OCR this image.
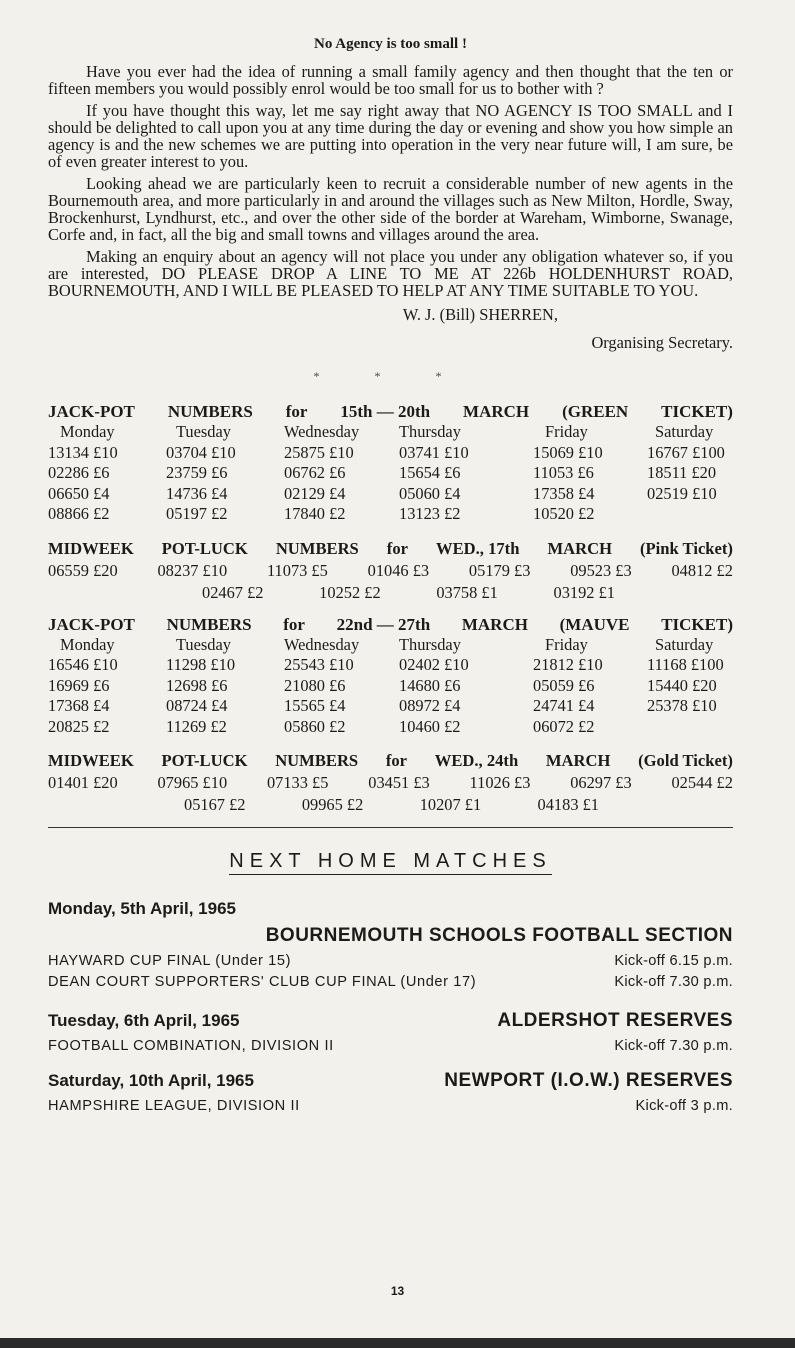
No Agency is too small !

Have you ever had the idea of running a small family agency and then thought that the ten or fifteen members you would possibly enrol would be too small for us to bother with ?

If you have thought this way, let me say right away that NO AGENCY IS TOO SMALL and I should be delighted to call upon you at any time during the day or evening and show you how simple an agency is and the new schemes we are putting into operation in the very near future will, I am sure, be of even greater interest to you.

Looking ahead we are particularly keen to recruit a considerable number of new agents in the Bournemouth area, and more particularly in and around the villages such as New Milton, Hordle, Sway, Brockenhurst, Lyndhurst, etc., and over the other side of the border at Wareham, Wimborne, Swanage, Corfe and, in fact, all the big and small towns and villages around the area.

Making an enquiry about an agency will not place you under any obligation whatever so, if you are interested, DO PLEASE DROP A LINE TO ME AT 226b HOLDENHURST ROAD, BOURNEMOUTH, AND I WILL BE PLEASED TO HELP AT ANY TIME SUITABLE TO YOU.

W. J. (Bill) SHERREN,
Organising Secretary.
* * *
JACK-POT NUMBERS for 15th — 20th MARCH (GREEN TICKET)
Monday	Tuesday	Wednesday	Thursday	Friday	Saturday
13134 £10	03704 £10	25875 £10	03741 £10	15069 £10	16767 £100
02286 £6	23759 £6	06762 £6	15654 £6	11053 £6	18511 £20
06650 £4	14736 £4	02129 £4	05060 £4	17358 £4	02519 £10
08866 £2	05197 £2	17840 £2	13123 £2	10520 £2
MIDWEEK POT-LUCK NUMBERS for WED., 17th MARCH (Pink Ticket)
06559 £20 08237 £10 11073 £5 01046 £3 05179 £3 09523 £3 04812 £2
02467 £2	10252 £2	03758 £1	03192 £1
JACK-POT NUMBERS for 22nd — 27th MARCH (MAUVE TICKET)
Monday	Tuesday	Wednesday	Thursday	Friday	Saturday
16546 £10	11298 £10	25543 £10	02402 £10	21812 £10	11168 £100
16969 £6	12698 £6	21080 £6	14680 £6	05059 £6	15440 £20
17368 £4	08724 £4	15565 £4	08972 £4	24741 £4	25378 £10
20825 £2	11269 £2	05860 £2	10460 £2	06072 £2
MIDWEEK POT-LUCK NUMBERS for WED., 24th MARCH (Gold Ticket)
01401 £20 07965 £10 07133 £5 03451 £3 11026 £3 06297 £3 02544 £2
05167 £2	09965 £2	10207 £1	04183 £1
NEXT HOME MATCHES
Monday, 5th April, 1965
BOURNEMOUTH SCHOOLS FOOTBALL SECTION
HAYWARD CUP FINAL (Under 15)	Kick-off 6.15 p.m.
DEAN COURT SUPPORTERS' CLUB CUP FINAL (Under 17)	Kick-off 7.30 p.m.
Tuesday, 6th April, 1965	ALDERSHOT RESERVES
FOOTBALL COMBINATION, DIVISION II	Kick-off 7.30 p.m.
Saturday, 10th April, 1965	NEWPORT (I.O.W.) RESERVES
HAMPSHIRE LEAGUE, DIVISION II	Kick-off 3 p.m.
13
